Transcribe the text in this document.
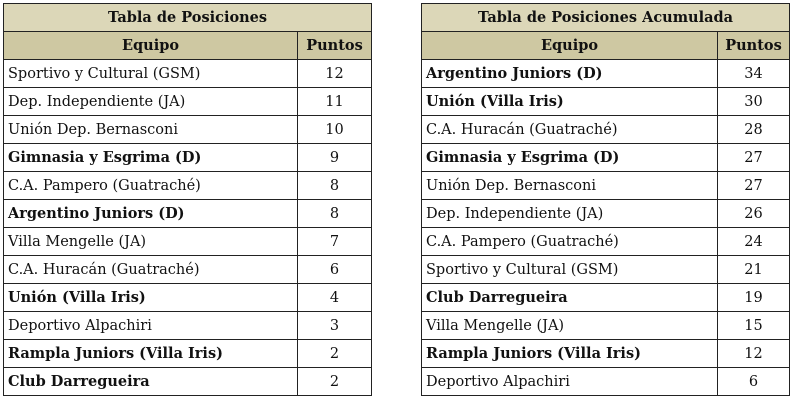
Tabla de Posiciones	
Equipo	Puntos
Sportivo y Cultural (GSM)	12
Dep. Independiente (JA)	11
Unión Dep. Bernasconi	10
Gimnasia y Esgrima (D)	9
C.A. Pampero (Guatraché)	8
Argentino Juniors (D)	8
Villa Mengelle (JA)	7
C.A. Huracán (Guatraché)	6
Unión (Villa Iris)	4
Deportivo Alpachiri	3
Rampla Juniors (Villa Iris)	2
Club Darregueira	2
Tabla de Posiciones Acumulada	
Equipo	Puntos
Argentino Juniors (D)	34
Unión (Villa Iris)	30
C.A. Huracán (Guatraché)	28
Gimnasia y Esgrima (D)	27
Unión Dep. Bernasconi	27
Dep. Independiente (JA)	26
C.A. Pampero (Guatraché)	24
Sportivo y Cultural (GSM)	21
Club Darregueira	19
Villa Mengelle (JA)	15
Rampla Juniors (Villa Iris)	12
Deportivo Alpachiri	6
